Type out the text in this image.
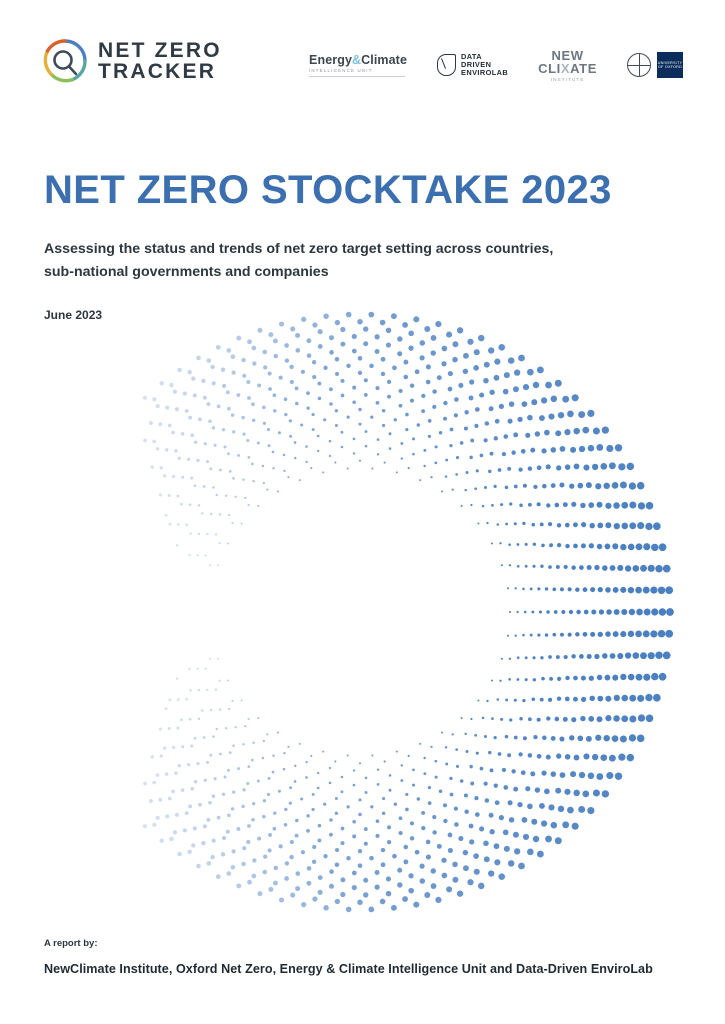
NET ZERO
TRACKER	Energy&Climate
INTELLIGENCE UNIT
DATA
DRIVEN
ENVIROLAB
NEW
CLIXATE
INSTITUTE
UNIVERSITY OF OXFORD
NET ZERO STOCKTAKE 2023
Assessing the status and trends of net zero target setting across countries, sub-national governments and companies
June 2023
A report by:
NewClimate Institute, Oxford Net Zero, Energy & Climate Intelligence Unit and Data-Driven EnviroLab
